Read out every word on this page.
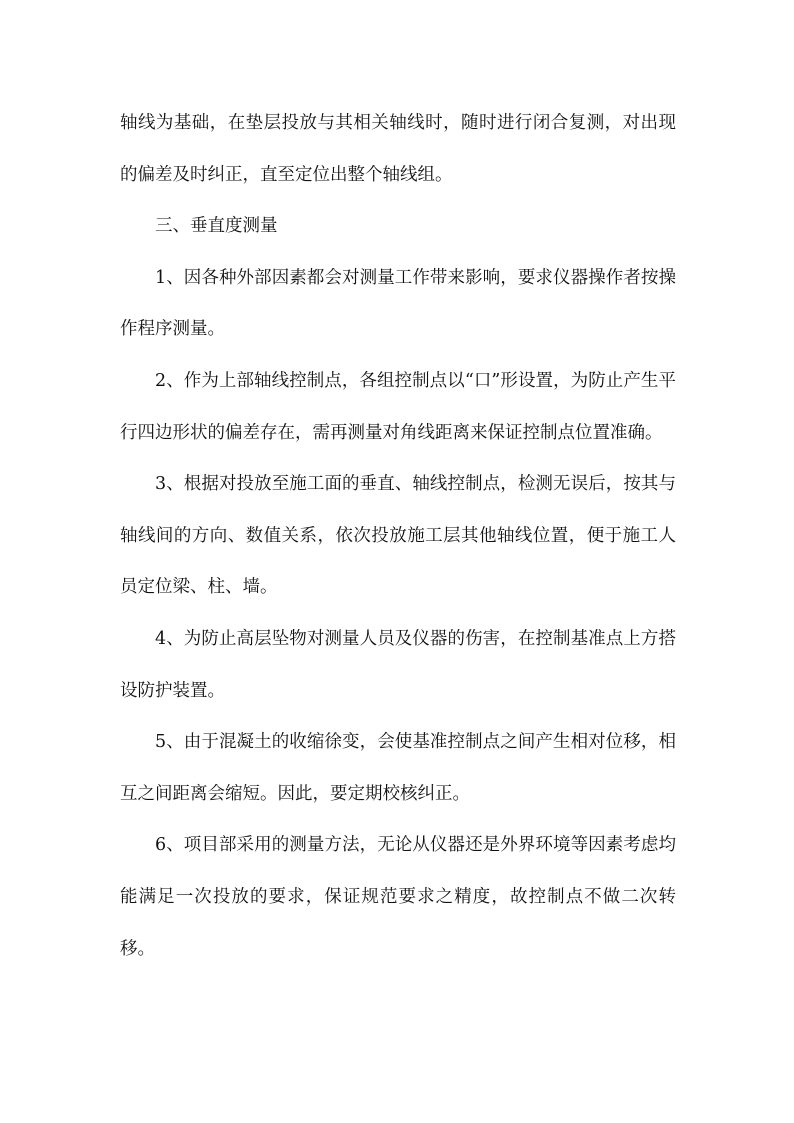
轴线为基础，在垫层投放与其相关轴线时，随时进行闭合复测，对出现的偏差及时纠正，直至定位出整个轴线组。

三、垂直度测量

1、因各种外部因素都会对测量工作带来影响，要求仪器操作者按操作程序测量。

2、作为上部轴线控制点，各组控制点以“口”形设置，为防止产生平行四边形状的偏差存在，需再测量对角线距离来保证控制点位置准确。

3、根据对投放至施工面的垂直、轴线控制点，检测无误后，按其与轴线间的方向、数值关系，依次投放施工层其他轴线位置，便于施工人员定位梁、柱、墙。

4、为防止高层坠物对测量人员及仪器的伤害，在控制基准点上方搭设防护装置。

5、由于混凝土的收缩徐变，会使基准控制点之间产生相对位移，相互之间距离会缩短。因此，要定期校核纠正。

6、项目部采用的测量方法，无论从仪器还是外界环境等因素考虑均能满足一次投放的要求，保证规范要求之精度，故控制点不做二次转移。
